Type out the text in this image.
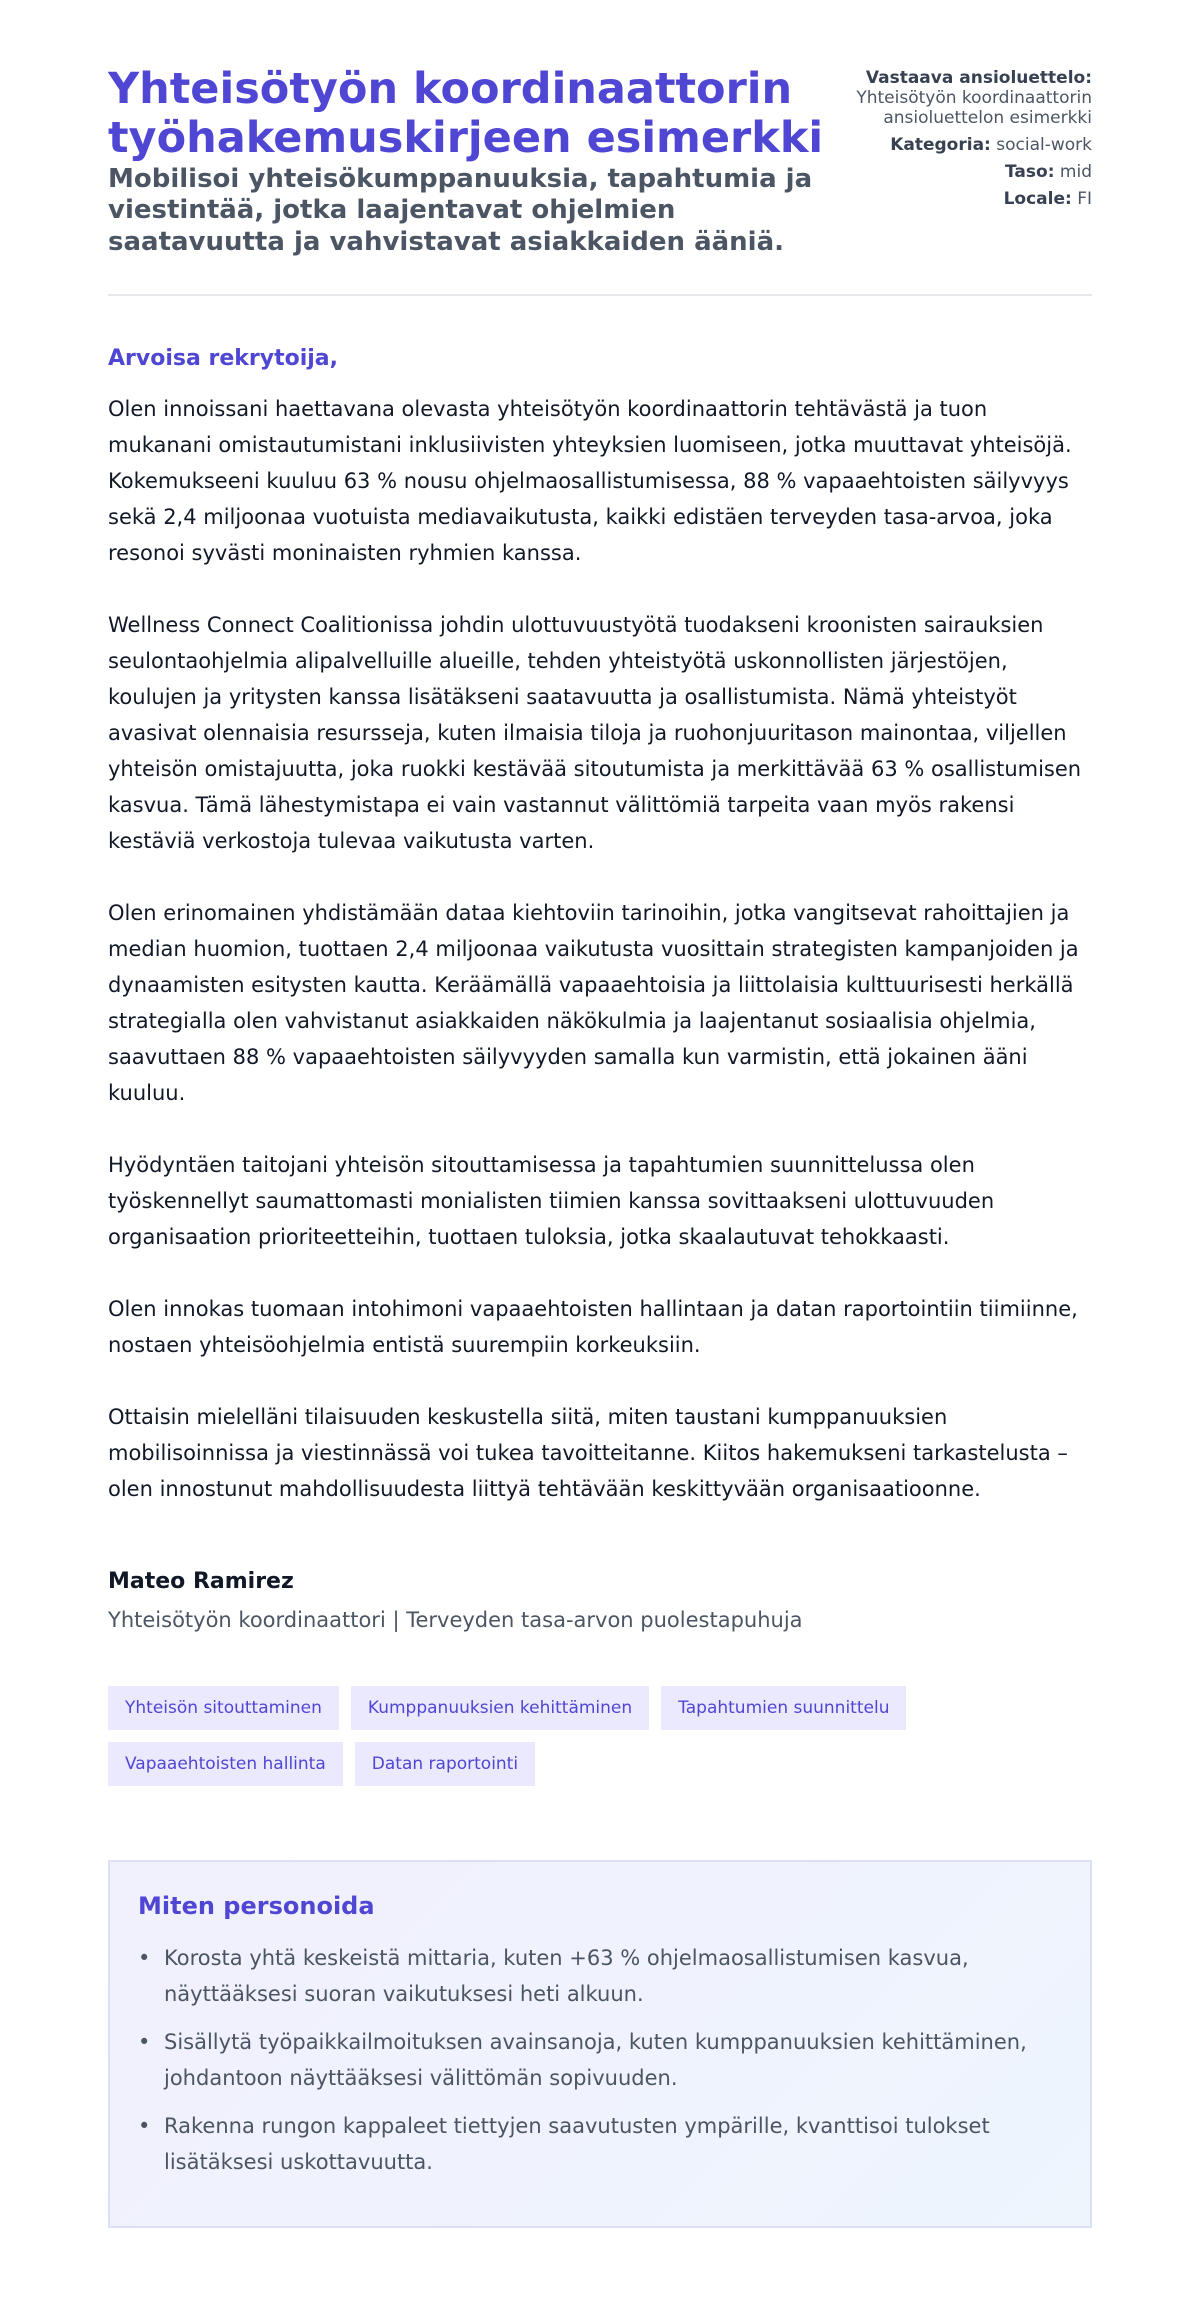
Yhteisötyön koordinaattorin työhakemuskirjeen esimerkki
Mobilisoi yhteisökumppanuuksia, tapahtumia ja viestintää, jotka laajentavat ohjelmien saatavuutta ja vahvistavat asiakkaiden ääniä.
Vastaava ansioluettelo:
Yhteisötyön koordinaattorin ansioluettelon esimerkki
Kategoria: social-work
Taso: mid
Locale: FI
Arvoisa rekrytoija,

Olen innoissani haettavana olevasta yhteisötyön koordinaattorin tehtävästä ja tuon mukanani omistautumistani inklusiivisten yhteyksien luomiseen, jotka muuttavat yhteisöjä. Kokemukseeni kuuluu 63 % nousu ohjelmaosallistumisessa, 88 % vapaaehtoisten säilyvyys sekä 2,4 miljoonaa vuotuista mediavaikutusta, kaikki edistäen terveyden tasa-arvoa, joka resonoi syvästi moninaisten ryhmien kanssa.

Wellness Connect Coalitionissa johdin ulottuvuustyötä tuodakseni kroonisten sairauksien seulontaohjelmia alipalvelluille alueille, tehden yhteistyötä uskonnollisten järjestöjen, koulujen ja yritysten kanssa lisätäkseni saatavuutta ja osallistumista. Nämä yhteistyöt avasivat olennaisia resursseja, kuten ilmaisia tiloja ja ruohonjuuritason mainontaa, viljellen yhteisön omistajuutta, joka ruokki kestävää sitoutumista ja merkittävää 63 % osallistumisen kasvua. Tämä lähestymistapa ei vain vastannut välittömiä tarpeita vaan myös rakensi kestäviä verkostoja tulevaa vaikutusta varten.

Olen erinomainen yhdistämään dataa kiehtoviin tarinoihin, jotka vangitsevat rahoittajien ja median huomion, tuottaen 2,4 miljoonaa vaikutusta vuosittain strategisten kampanjoiden ja dynaamisten esitysten kautta. Keräämällä vapaaehtoisia ja liittolaisia kulttuurisesti herkällä strategialla olen vahvistanut asiakkaiden näkökulmia ja laajentanut sosiaalisia ohjelmia, saavuttaen 88 % vapaaehtoisten säilyvyyden samalla kun varmistin, että jokainen ääni kuuluu.

Hyödyntäen taitojani yhteisön sitouttamisessa ja tapahtumien suunnittelussa olen työskennellyt saumattomasti monialisten tiimien kanssa sovittaakseni ulottuvuuden organisaation prioriteetteihin, tuottaen tuloksia, jotka skaalautuvat tehokkaasti.

Olen innokas tuomaan intohimoni vapaaehtoisten hallintaan ja datan raportointiin tiimiinne, nostaen yhteisöohjelmia entistä suurempiin korkeuksiin.

Ottaisin mielelläni tilaisuuden keskustella siitä, miten taustani kumppanuuksien mobilisoinnissa ja viestinnässä voi tukea tavoitteitanne. Kiitos hakemukseni tarkastelusta – olen innostunut mahdollisuudesta liittyä tehtävään keskittyvään organisaatioonne.

Mateo Ramirez
Yhteisötyön koordinaattori | Terveyden tasa-arvon puolestapuhuja
Yhteisön sitouttaminen	Kumppanuuksien kehittäminen	Tapahtumien suunnittelu
Vapaaehtoisten hallinta	Datan raportointi
Miten personoida
• Korosta yhtä keskeistä mittaria, kuten +63 % ohjelmaosallistumisen kasvua, näyttääksesi suoran vaikutuksesi heti alkuun.
• Sisällytä työpaikkailmoituksen avainsanoja, kuten kumppanuuksien kehittäminen, johdantoon näyttääksesi välittömän sopivuuden.
• Rakenna rungon kappaleet tiettyjen saavutusten ympärille, kvanttisoi tulokset lisätäksesi uskottavuutta.
